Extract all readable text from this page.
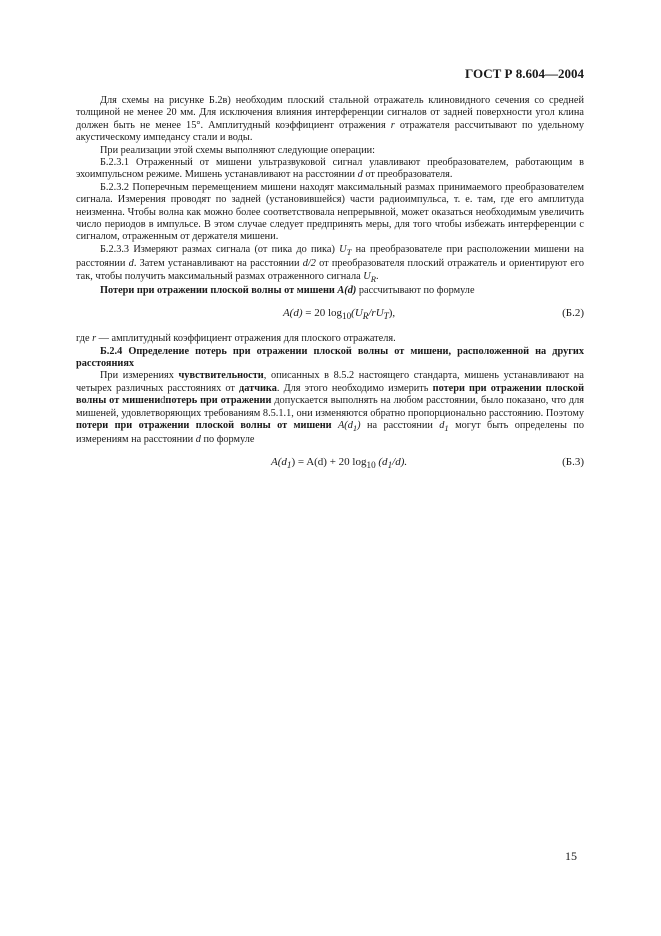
ГОСТ Р 8.604—2004

Для схемы на рисунке Б.2в) необходим плоский стальной отражатель клиновидного сечения со средней толщиной не менее 20 мм. Для исключения влияния интерференции сигналов от задней поверхности угол клина должен быть не менее 15°. Амплитудный коэффициент отражения r отражателя рассчитывают по удельному акустическому импедансу стали и воды.

При реализации этой схемы выполняют следующие операции:

Б.2.3.1 Отраженный от мишени ультразвуковой сигнал улавливают преобразователем, работающим в эхоимпульсном режиме. Мишень устанавливают на расстоянии d от преобразователя.

Б.2.3.2 Поперечным перемещением мишени находят максимальный размах принимаемого преобразователем сигнала. Измерения проводят по задней (установившейся) части радиоимпульса, т. е. там, где его амплитуда неизменна. Чтобы волна как можно более соответствовала непрерывной, может оказаться необходимым увеличить число периодов в импульсе. В этом случае следует предпринять меры, для того чтобы избежать интерференции с сигналом, отраженным от держателя мишени.

Б.2.3.3 Измеряют размах сигнала (от пика до пика) $U_T$ на преобразователе при расположении мишени на расстоянии d. Затем устанавливают на расстоянии d/2 от преобразователя плоский отражатель и ориентируют его так, чтобы получить максимальный размах отраженного сигнала $U_R$.

Потери при отражении плоской волны от мишени A(d) рассчитывают по формуле

A(d) = 20 $\log_{10}(U_R/rU_T)$,	(Б.2)

где r — амплитудный коэффициент отражения для плоского отражателя.

Б.2.4 Определение потерь при отражении плоской волны от мишени, расположенной на других расстояниях

При измерениях чувствительности, описанных в 8.5.2 настоящего стандарта, мишень устанавливают на четырех различных расстояниях от датчика. Для этого необходимо измерить потери при отражении плоской волны от мишениdпотерь при отражении допускается выполнять на любом расстоянии, было показано, что для мишеней, удовлетворяющих требованиям 8.5.1.1, они изменяются обратно пропорционально расстоянию. Поэтому потери при отражении плоской волны от мишени $A(d_1)$ на расстоянии $d_1$ могут быть определены по измерениям на расстоянии d по формуле

$A(d_1) = A(d) + 20$ $\log_{10} (d_1/d)$.	(Б.3)
15
